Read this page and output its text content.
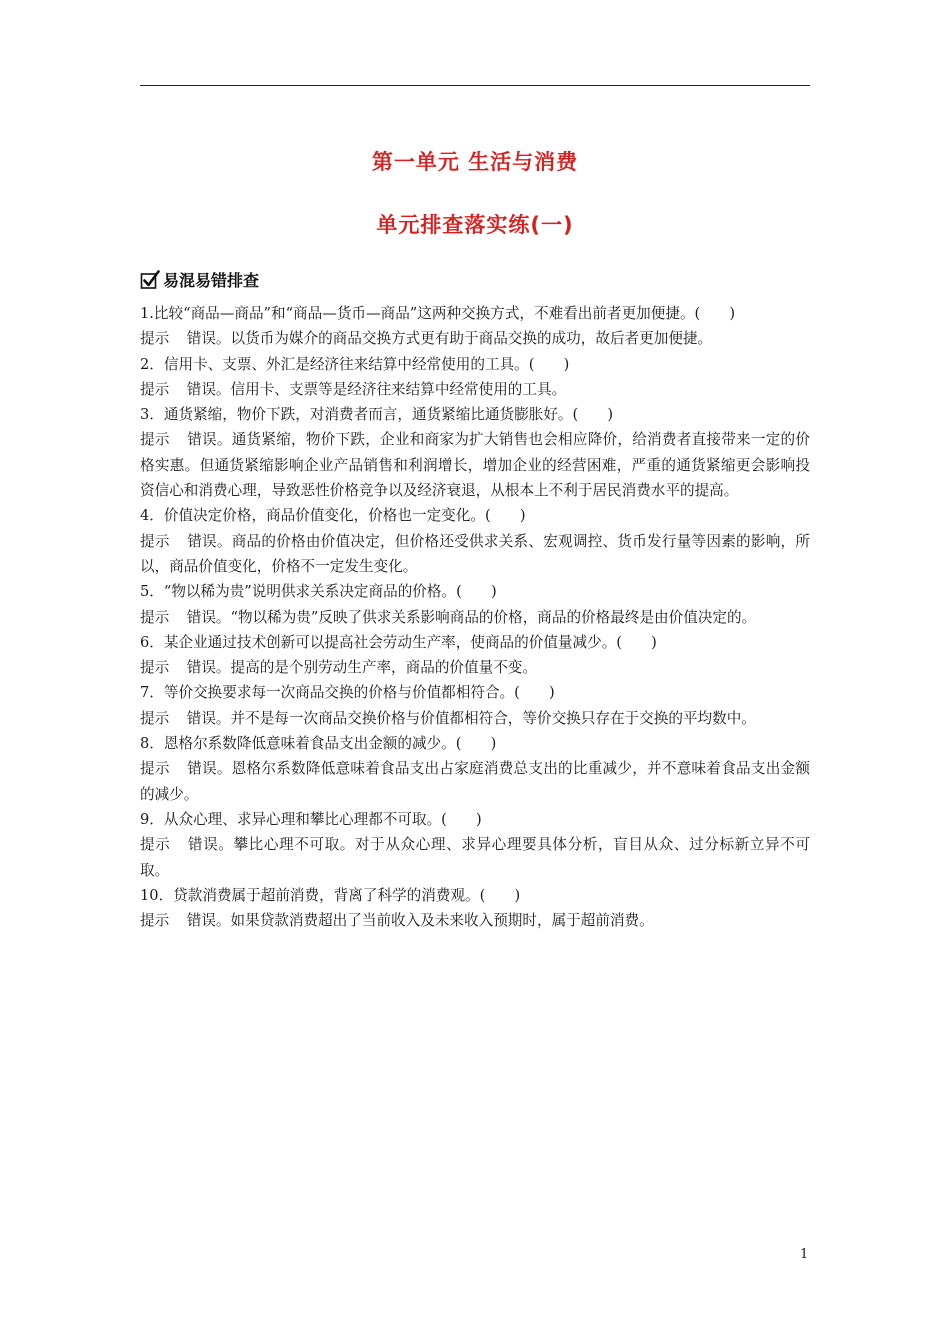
第一单元 生活与消费
单元排查落实练(一)
易混易错排查

1.比较“商品—商品”和“商品—货币—商品”这两种交换方式，不难看出前者更加便捷。(　　)

提示 错误。以货币为媒介的商品交换方式更有助于商品交换的成功，故后者更加便捷。

2．信用卡、支票、外汇是经济往来结算中经常使用的工具。(　　)

提示 错误。信用卡、支票等是经济往来结算中经常使用的工具。

3．通货紧缩，物价下跌，对消费者而言，通货紧缩比通货膨胀好。(　　)

提示 错误。通货紧缩，物价下跌，企业和商家为扩大销售也会相应降价，给消费者直接带来一定的价格实惠。但通货紧缩影响企业产品销售和利润增长，增加企业的经营困难，严重的通货紧缩更会影响投资信心和消费心理，导致恶性价格竞争以及经济衰退，从根本上不利于居民消费水平的提高。

4．价值决定价格，商品价值变化，价格也一定变化。(　　)

提示 错误。商品的价格由价值决定，但价格还受供求关系、宏观调控、货币发行量等因素的影响，所以，商品价值变化，价格不一定发生变化。

5．“物以稀为贵”说明供求关系决定商品的价格。(　　)

提示 错误。“物以稀为贵”反映了供求关系影响商品的价格，商品的价格最终是由价值决定的。

6．某企业通过技术创新可以提高社会劳动生产率，使商品的价值量减少。(　　)

提示 错误。提高的是个别劳动生产率，商品的价值量不变。

7．等价交换要求每一次商品交换的价格与价值都相符合。(　　)

提示 错误。并不是每一次商品交换价格与价值都相符合，等价交换只存在于交换的平均数中。

8．恩格尔系数降低意味着食品支出金额的减少。(　　)

提示 错误。恩格尔系数降低意味着食品支出占家庭消费总支出的比重减少，并不意味着食品支出金额的减少。

9．从众心理、求异心理和攀比心理都不可取。(　　)

提示 错误。攀比心理不可取。对于从众心理、求异心理要具体分析，盲目从众、过分标新立异不可取。

10．贷款消费属于超前消费，背离了科学的消费观。(　　)

提示 错误。如果贷款消费超出了当前收入及未来收入预期时，属于超前消费。

1
